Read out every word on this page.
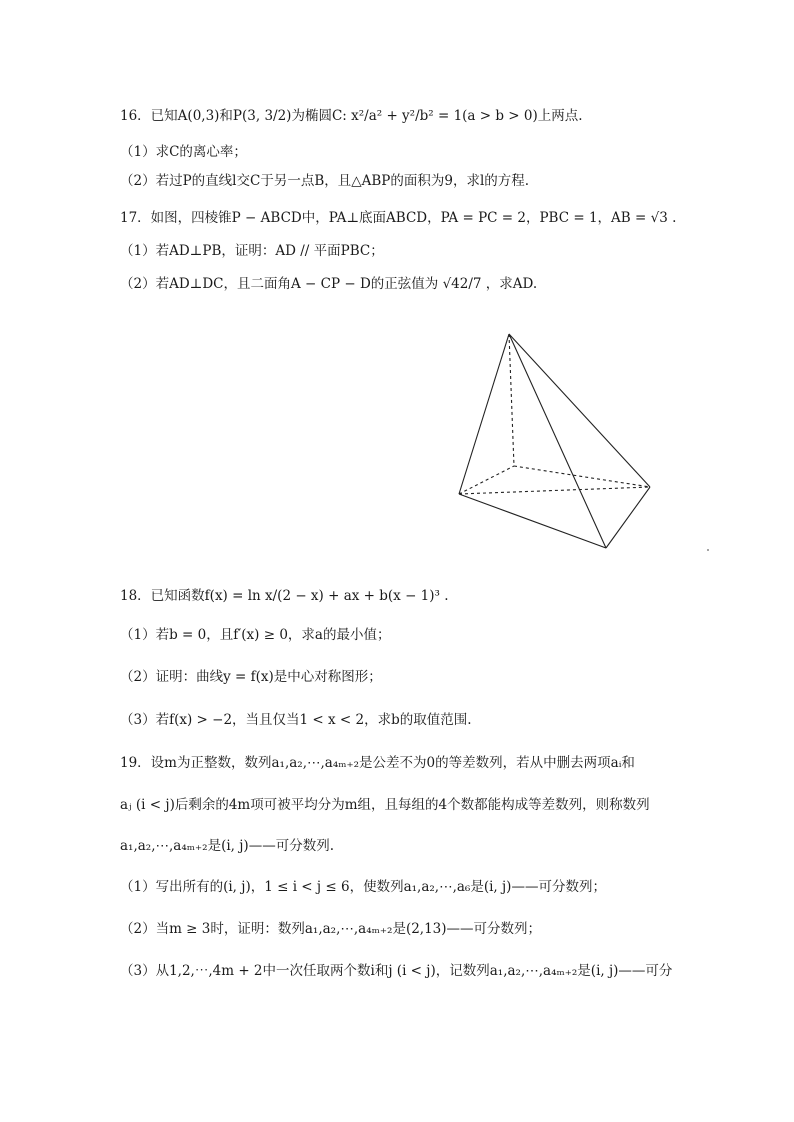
16．已知A(0,3)和P(3, 3/2)为椭圆C: x²/a² + y²/b² = 1(a > b > 0)上两点.
（1）求C的离心率；
（2）若过P的直线l交C于另一点B，且△ABP的面积为9，求l的方程.
17．如图，四棱锥P − ABCD中，PA⊥底面ABCD，PA = PC = 2，PBC = 1，AB = √3 .
（1）若AD⊥PB，证明：AD // 平面PBC；
（2）若AD⊥DC，且二面角A − CP − D的正弦值为 √42/7 ，求AD.
18．已知函数f(x) = ln x/(2 − x) + ax + b(x − 1)³ .
（1）若b = 0，且f′(x) ≥ 0，求a的最小值；
（2）证明：曲线y = f(x)是中心对称图形；
（3）若f(x) > −2，当且仅当1 < x < 2，求b的取值范围.
19．设m为正整数，数列a₁,a₂,⋯,a₄ₘ₊₂是公差不为0的等差数列，若从中删去两项aᵢ和
aⱼ (i < j)后剩余的4m项可被平均分为m组，且每组的4个数都能构成等差数列，则称数列
a₁,a₂,⋯,a₄ₘ₊₂是(i, j)——可分数列.
（1）写出所有的(i, j)，1 ≤ i < j ≤ 6，使数列a₁,a₂,⋯,a₆是(i, j)——可分数列；
（2）当m ≥ 3时，证明：数列a₁,a₂,⋯,a₄ₘ₊₂是(2,13)——可分数列；
（3）从1,2,⋯,4m + 2中一次任取两个数i和j (i < j)，记数列a₁,a₂,⋯,a₄ₘ₊₂是(i, j)——可分
